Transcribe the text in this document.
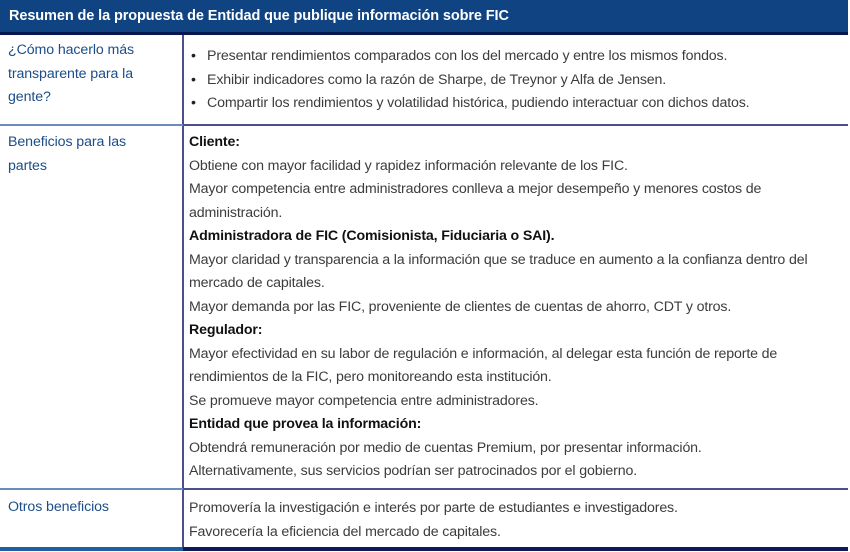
Resumen de la propuesta de Entidad que publique información sobre FIC
¿Cómo hacerlo más
transparente para la
gente?
• Presentar rendimientos comparados con los del mercado y entre los mismos fondos.
• Exhibir indicadores como la razón de Sharpe, de Treynor y Alfa de Jensen.
• Compartir los rendimientos y volatilidad histórica, pudiendo interactuar con dichos datos.
Beneficios para las
partes
Cliente:
Obtiene con mayor facilidad y rapidez información relevante de los FIC.
Mayor competencia entre administradores conlleva a mejor desempeño y menores costos de
administración.
Administradora de FIC (Comisionista, Fiduciaria o SAI).
Mayor claridad y transparencia a la información que se traduce en aumento a la confianza dentro del
mercado de capitales.
Mayor demanda por las FIC, proveniente de clientes de cuentas de ahorro, CDT y otros.
Regulador:
Mayor efectividad en su labor de regulación e información, al delegar esta función de reporte de
rendimientos de la FIC, pero monitoreando esta institución.
Se promueve mayor competencia entre administradores.
Entidad que provea la información:
Obtendrá remuneración por medio de cuentas Premium, por presentar información.
Alternativamente, sus servicios podrían ser patrocinados por el gobierno.
Otros beneficios	Promovería la investigación e interés por parte de estudiantes e investigadores.
Favorecería la eficiencia del mercado de capitales.
